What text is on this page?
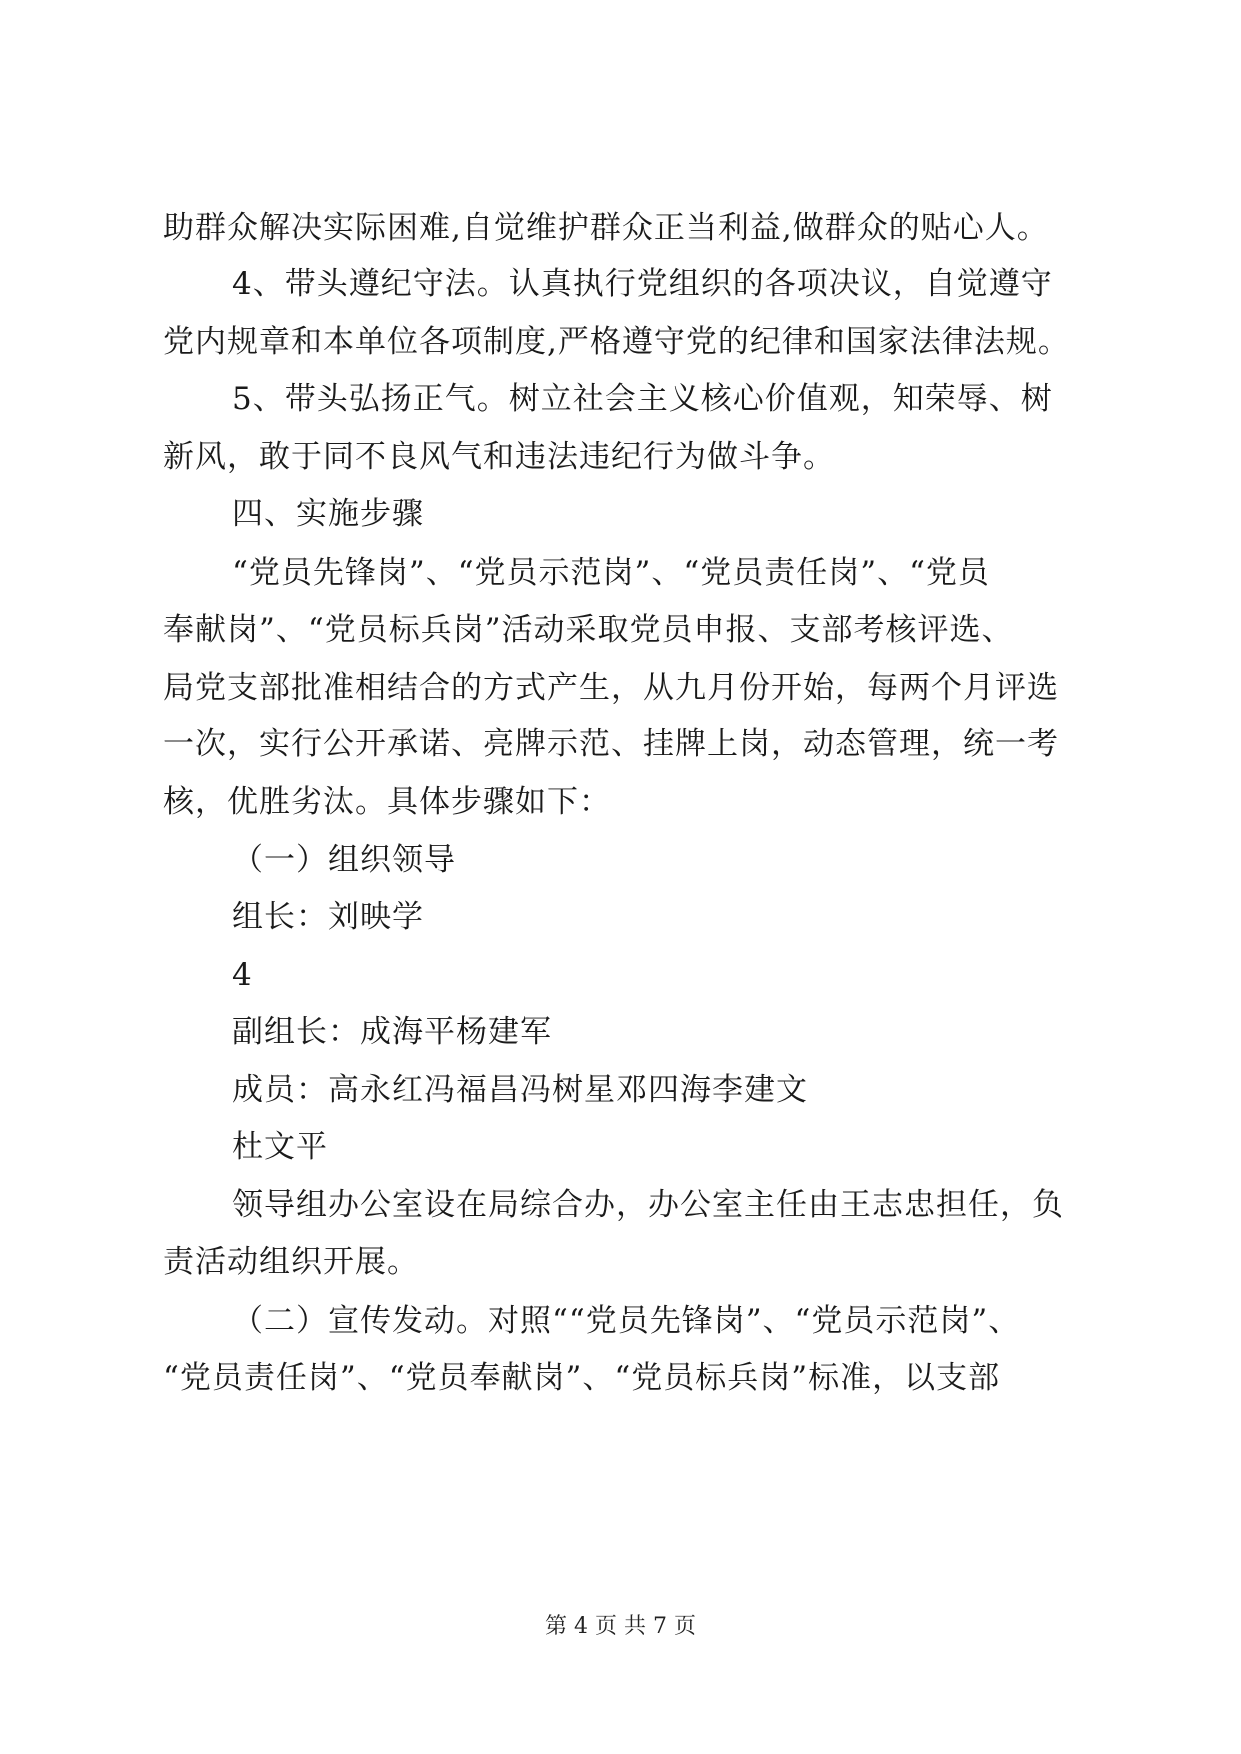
助群众解决实际困难,自觉维护群众正当利益,做群众的贴心人。
4、带头遵纪守法。认真执行党组织的各项决议，自觉遵守
党内规章和本单位各项制度,严格遵守党的纪律和国家法律法规。
5、带头弘扬正气。树立社会主义核心价值观，知荣辱、树
新风，敢于同不良风气和违法违纪行为做斗争。
四、实施步骤
“党员先锋岗”、“党员示范岗”、“党员责任岗”、“党员
奉献岗”、“党员标兵岗”活动采取党员申报、支部考核评选、
局党支部批准相结合的方式产生，从九月份开始，每两个月评选
一次，实行公开承诺、亮牌示范、挂牌上岗，动态管理，统一考
核，优胜劣汰。具体步骤如下：
（一）组织领导
组长：刘映学
4
副组长：成海平杨建军
成员：高永红冯福昌冯树星邓四海李建文
杜文平
领导组办公室设在局综合办，办公室主任由王志忠担任，负
责活动组织开展。
（二）宣传发动。对照““党员先锋岗”、“党员示范岗”、
“党员责任岗”、“党员奉献岗”、“党员标兵岗”标准，以支部
第 4 页 共 7 页
